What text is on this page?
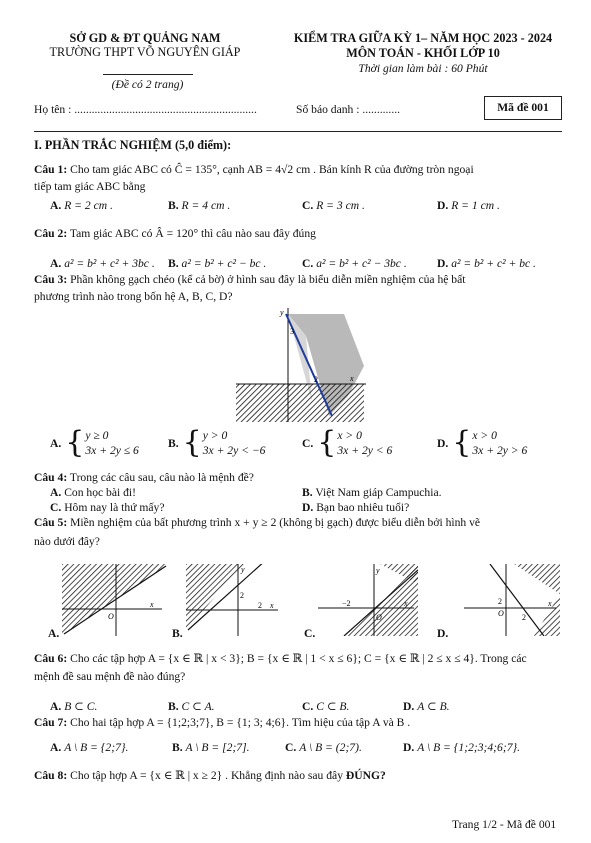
SỞ GD & ĐT QUẢNG NAM
TRƯỜNG THPT VÕ NGUYÊN GIÁP
(Đề có 2 trang)
KIỂM TRA GIỮA KỲ 1– NĂM HỌC 2023 - 2024
MÔN TOÁN - KHỐI LỚP 10
Thời gian làm bài : 60 Phút
Họ tên : ...............................................................	Số báo danh : .............	Mã đề 001
I. PHẦN TRẮC NGHIỆM (5,0 điểm):
Câu 1: Cho tam giác ABC có Ĉ = 135°, cạnh AB = 4√2 cm . Bán kính R của đường tròn ngoại
tiếp tam giác ABC bằng
A. R = 2 cm .	B. R = 4 cm .	C. R = 3 cm .	D. R = 1 cm .
Câu 2: Tam giác ABC có Â = 120° thì câu nào sau đây đúng
A. a² = b² + c² + 3bc . B. a² = b² + c² − bc .	C. a² = b² + c² − 3bc .	D. a² = b² + c² + bc .
Câu 3: Phần không gạch chéo (kể cả bờ) ở hình sau đây là biểu diễn miền nghiệm của hệ bất
phương trình nào trong bốn hệ A, B, C, D?
y
3
2	x
A. { y ≥ 0
3x + 2y ≤ 6
B. { y > 0
3x + 2y < −6
C. { x > 0
3x + 2y < 6
D. { x > 0
3x + 2y > 6
Câu 4: Trong các câu sau, câu nào là mệnh đề?
A. Con học bài đi!	B. Việt Nam giáp Campuchia.
C. Hôm nay là thứ mấy?	D. Bạn bao nhiêu tuổi?
Câu 5: Miền nghiệm của bất phương trình x + y ≥ 2 (không bị gạch) được biểu diễn bởi hình vẽ
nào dưới đây?
O
x
A.
y
2
2 x
B.
y
−2
O
x
C.
2
O 2
x
D.
Câu 6: Cho các tập hợp A = {x ∈ ℝ | x < 3}; B = {x ∈ ℝ | 1 < x ≤ 6}; C = {x ∈ ℝ | 2 ≤ x ≤ 4}. Trong các
mệnh đề sau mệnh đề nào đúng?
A. B ⊂ C.	B. C ⊂ A.	C. C ⊂ B.	D. A ⊂ B.
Câu 7: Cho hai tập hợp A = {1;2;3;7}, B = {1; 3; 4;6}. Tìm hiệu của tập A và B .
A. A \ B = {2;7}.	B. A \ B = [2;7].	C. A \ B = (2;7).	D. A \ B = {1;2;3;4;6;7}.
Câu 8: Cho tập hợp A = {x ∈ ℝ | x ≥ 2} . Khẳng định nào sau đây ĐÚNG?
Trang 1/2 - Mã đề 001
